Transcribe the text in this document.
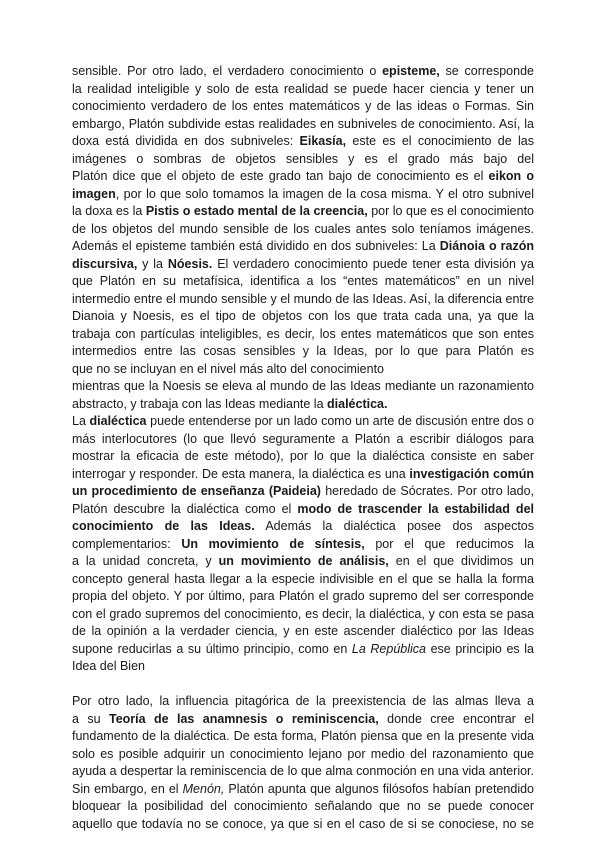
sensible. Por otro lado, el verdadero conocimiento o episteme, se corresponde
la realidad inteligible y solo de esta realidad se puede hacer ciencia y tener un
conocimiento verdadero de los entes matemáticos y de las ideas o Formas. Sin
embargo, Platón subdivide estas realidades en subniveles de conocimiento. Así, la
doxa está dividida en dos subniveles: Eikasía, este es el conocimiento de las
imágenes o sombras de objetos sensibles y es el grado más bajo del
Platón dice que el objeto de este grado tan bajo de conocimiento es el eikon o
imagen, por lo que solo tomamos la imagen de la cosa misma. Y el otro subnivel
la doxa es la Pistis o estado mental de la creencia, por lo que es el conocimiento
de los objetos del mundo sensible de los cuales antes solo teníamos imágenes.
Además el episteme también está dividido en dos subniveles: La Diánoia o razón
discursiva, y la Nóesis. El verdadero conocimiento puede tener esta división ya
que Platón en su metafísica, identifica a los “entes matemáticos” en un nivel
intermedio entre el mundo sensible y el mundo de las Ideas. Así, la diferencia entre
Dianoia y Noesis, es el tipo de objetos con los que trata cada una, ya que la
trabaja con partículas inteligibles, es decir, los entes matemáticos que son entes
intermedios entre las cosas sensibles y la Ideas, por lo que para Platón es
que no se incluyan en el nivel más alto del conocimiento
mientras que la Noesis se eleva al mundo de las Ideas mediante un razonamiento
abstracto, y trabaja con las Ideas mediante la dialéctica.
La dialéctica puede entenderse por un lado como un arte de discusión entre dos o
más interlocutores (lo que llevó seguramente a Platón a escribir diálogos para
mostrar la eficacia de este método), por lo que la dialéctica consiste en saber
interrogar y responder. De esta manera, la dialéctica es una investigación común
un procedimiento de enseñanza (Paideia) heredado de Sócrates. Por otro lado,
Platón descubre la dialéctica como el modo de trascender la estabilidad del
conocimiento de las Ideas. Además la dialéctica posee dos aspectos
complementarios: Un movimiento de síntesis, por el que reducimos la
a la unidad concreta, y un movimiento de análisis, en el que dividimos un
concepto general hasta llegar a la especie indivisible en el que se halla la forma
propia del objeto. Y por último, para Platón el grado supremo del ser corresponde
con el grado supremos del conocimiento, es decir, la dialéctica, y con esta se pasa
de la opinión a la verdader ciencia, y en este ascender dialéctico por las Ideas
supone reducirlas a su último principio, como en La República ese principio es la
Idea del Bien
Por otro lado, la influencia pitagórica de la preexistencia de las almas lleva a
a su Teoría de las anamnesis o reminiscencia, donde cree encontrar el
fundamento de la dialéctica. De esta forma, Platón piensa que en la presente vida
solo es posible adquirir un conocimiento lejano por medio del razonamiento que
ayuda a despertar la reminiscencia de lo que alma conmoción en una vida anterior.
Sin embargo, en el Menón, Platón apunta que algunos filósofos habían pretendido
bloquear la posibilidad del conocimiento señalando que no se puede conocer
aquello que todavía no se conoce, ya que si en el caso de si se conociese, no se
